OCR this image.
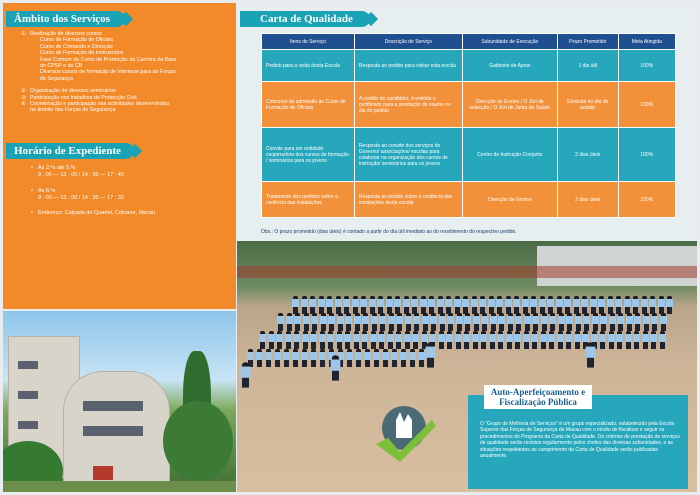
Âmbito dos Serviços
① Realização de diversos cursos
Curso de Formação de Oficiais
Curso de Comando e Direcção
Curso de Formação de Instruendos
Fase Comum do Curso de Promoção da Carreira da Base
do CPSP e do CB
Diversos cursos de formação de interesse para as Forças
de Segurança
② Organização de diversos seminários
③ Participação nos trabalhos de Protecção Civil
④ Coordenação e participação nas actividades desenvolvidas
no âmbito das Forças de Segurança
Horário de Expediente
• Às 2.ªs até 5.ªs
9 : 00 — 13 : 00 / 14 : 30 — 17 : 45
• As 6.ªs
9 : 00 — 13 : 00 / 14 : 30 — 17 : 30
• Endereço: Calçada do Quartel, Coloane, Macau
Carta de Qualidade
Itens de Serviço	Descrição de Serviço	Subunidade de Execução	Prazo Prometido	Meta Atingida
Pedido para a visita desta Escola	Resposta ao pedido para visitar esta escola	Gabinete de Apoio	1 dia útil	100%
Concurso de admissão ao Curso de Formação de Oficiais	A pedido do candidato, é emitido o certificado para a prestação do exame no dia do pedido	Direcção de Ensino / O Júri de selecção / O Júri de Junta de Saúde	Emissão no dia do pedido	100%
Convite para ser entidade cooperadora dos cursos de formação / seminários para os jovens	Resposta ao convite dos serviços do Governo/ associações/ escolas para colaborar na organização dos cursos de instrução/ seminários para os jovens	Centro de Instrução Conjunto	2 dias úteis	100%
Tratamento dos pedidos sobre a cedência das instalações	Resposta ao pedido sobre a cedência das instalações desta escola	Direcção de Ensino	2 dias úteis	100%
Obs.: O prazo prometido (dias úteis) é contado a partir do dia útil imediato ao do recebimento do respectivo pedido.
Auto-Aperfeiçoamento e Fiscalização Pública
O "Grupo de Melhoria de Serviços" é um grupo especializado, estabelecido pela Escola Superior das Forças de Segurança de Macau com o intuito de fiscalizar e seguir os procedimentos do Programa da Carta de Qualidade. Os critérios de prestação de serviços de qualidade serão revistos regularmente pelos chefes das diversas subunidades, e as situações respeitantes ao cumprimento da Carta de Qualidade serão publicadas anualmente.
